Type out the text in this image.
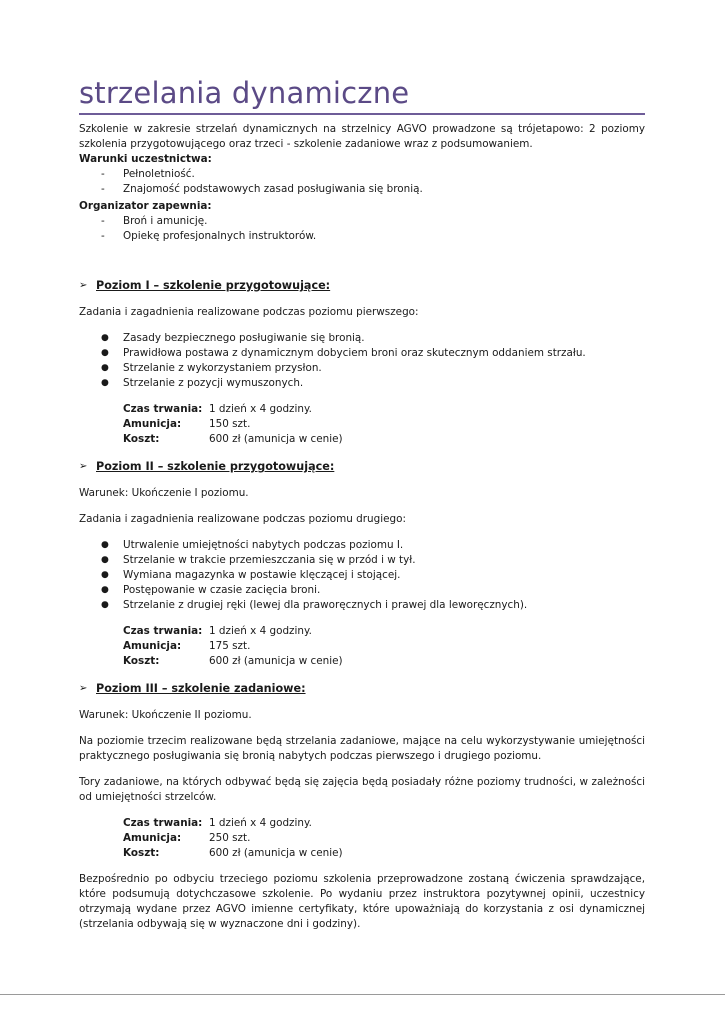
strzelania dynamiczne

Szkolenie w zakresie strzelań dynamicznych na strzelnicy AGVO prowadzone są trójetapowo: 2 poziomy szkolenia przygotowującego oraz trzeci - szkolenie zadaniowe wraz z podsumowaniem.

Warunki uczestnictwa:

- Pełnoletniość.
- Znajomość podstawowych zasad posługiwania się bronią.

Organizator zapewnia:

- Broń i amunicję.
- Opiekę profesjonalnych instruktorów.
➢ Poziom I – szkolenie przygotowujące:

Zadania i zagadnienia realizowane podczas poziomu pierwszego:

● Zasady bezpiecznego posługiwanie się bronią.
● Prawidłowa postawa z dynamicznym dobyciem broni oraz skutecznym oddaniem strzału.
● Strzelanie z wykorzystaniem przysłon.
● Strzelanie z pozycji wymuszonych.
Czas trwania: 1 dzień x 4 godziny.
Amunicja:	150 szt.
Koszt:	600 zł (amunicja w cenie)
➢ Poziom II – szkolenie przygotowujące:

Warunek: Ukończenie I poziomu.

Zadania i zagadnienia realizowane podczas poziomu drugiego:

● Utrwalenie umiejętności nabytych podczas poziomu I.
● Strzelanie w trakcie przemieszczania się w przód i w tył.
● Wymiana magazynka w postawie klęczącej i stojącej.
● Postępowanie w czasie zacięcia broni.
● Strzelanie z drugiej ręki (lewej dla praworęcznych i prawej dla leworęcznych).
Czas trwania: 1 dzień x 4 godziny.
Amunicja:	175 szt.
Koszt:	600 zł (amunicja w cenie)
➢ Poziom III – szkolenie zadaniowe:

Warunek: Ukończenie II poziomu.

Na poziomie trzecim realizowane będą strzelania zadaniowe, mające na celu wykorzystywanie umiejętności praktycznego posługiwania się bronią nabytych podczas pierwszego i drugiego poziomu.

Tory zadaniowe, na których odbywać będą się zajęcia będą posiadały różne poziomy trudności, w zależności od umiejętności strzelców.

Czas trwania: 1 dzień x 4 godziny.
Amunicja:	250 szt.
Koszt:	600 zł (amunicja w cenie)

Bezpośrednio po odbyciu trzeciego poziomu szkolenia przeprowadzone zostaną ćwiczenia sprawdzające, które podsumują dotychczasowe szkolenie. Po wydaniu przez instruktora pozytywnej opinii, uczestnicy otrzymają wydane przez AGVO imienne certyfikaty, które upoważniają do korzystania z osi dynamicznej (strzelania odbywają się w wyznaczone dni i godziny).
